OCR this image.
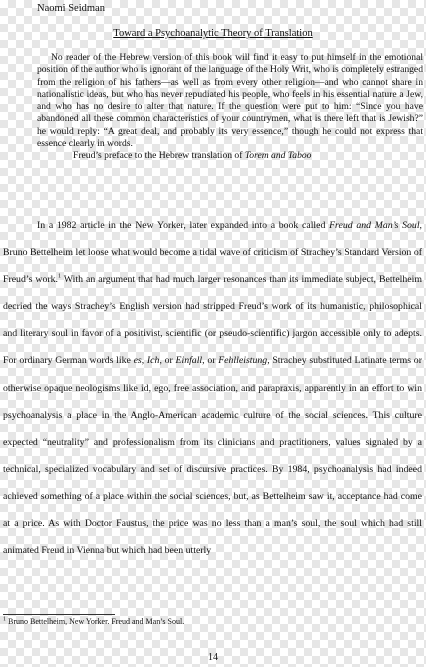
Naomi Seidman
Toward a Psychoanalytic Theory of Translation

No reader of the Hebrew version of this book will find it easy to put himself in the emotional position of the author who is ignorant of the language of the Holy Writ, who is completely estranged from the religion of his fathers—as well as from every other religion—and who cannot share in nationalistic ideas, but who has never repudiated his people, who feels in his essential nature a Jew, and who has no desire to alter that nature. If the question were put to him: “Since you have abandoned all these common characteristics of your countrymen, what is there left that is Jewish?” he would reply: “A great deal, and probably its very essence,” though he could not express that essence clearly in words.

Freud’s preface to the Hebrew translation of Torem and Taboo

In a 1982 article in the New Yorker, later expanded into a book called Freud and Man’s Soul, Bruno Bettelheim let loose what would become a tidal wave of criticism of Strachey’s Standard Version of Freud’s work.$^1$ With an argument that had much larger resonances than its immediate subject, Bettelheim decried the ways Strachey’s English version had stripped Freud’s work of its humanistic, philosophical and literary soul in favor of a positivist, scientific (or pseudo-scientific) jargon accessible only to adepts. For ordinary German words like es, Ich, or Einfall, or Fehlleistung, Strachey substituted Latinate terms or otherwise opaque neologisms like id, ego, free association, and parapraxis, apparently in an effort to win psychoanalysis a place in the Anglo-American academic culture of the social sciences. This culture expected “neutrality” and professionalism from its clinicians and practitioners, values signaled by a technical, specialized vocabulary and set of discursive practices. By 1984, psychoanalysis had indeed achieved something of a place within the social sciences, but, as Bettelheim saw it, acceptance had come at a price. As with Doctor Faustus, the price was no less than a man’s soul, the soul which had still animated Freud in Vienna but which had been utterly

$^1$ Bruno Bettelheim, New Yorker. Freud and Man’s Soul.
14
